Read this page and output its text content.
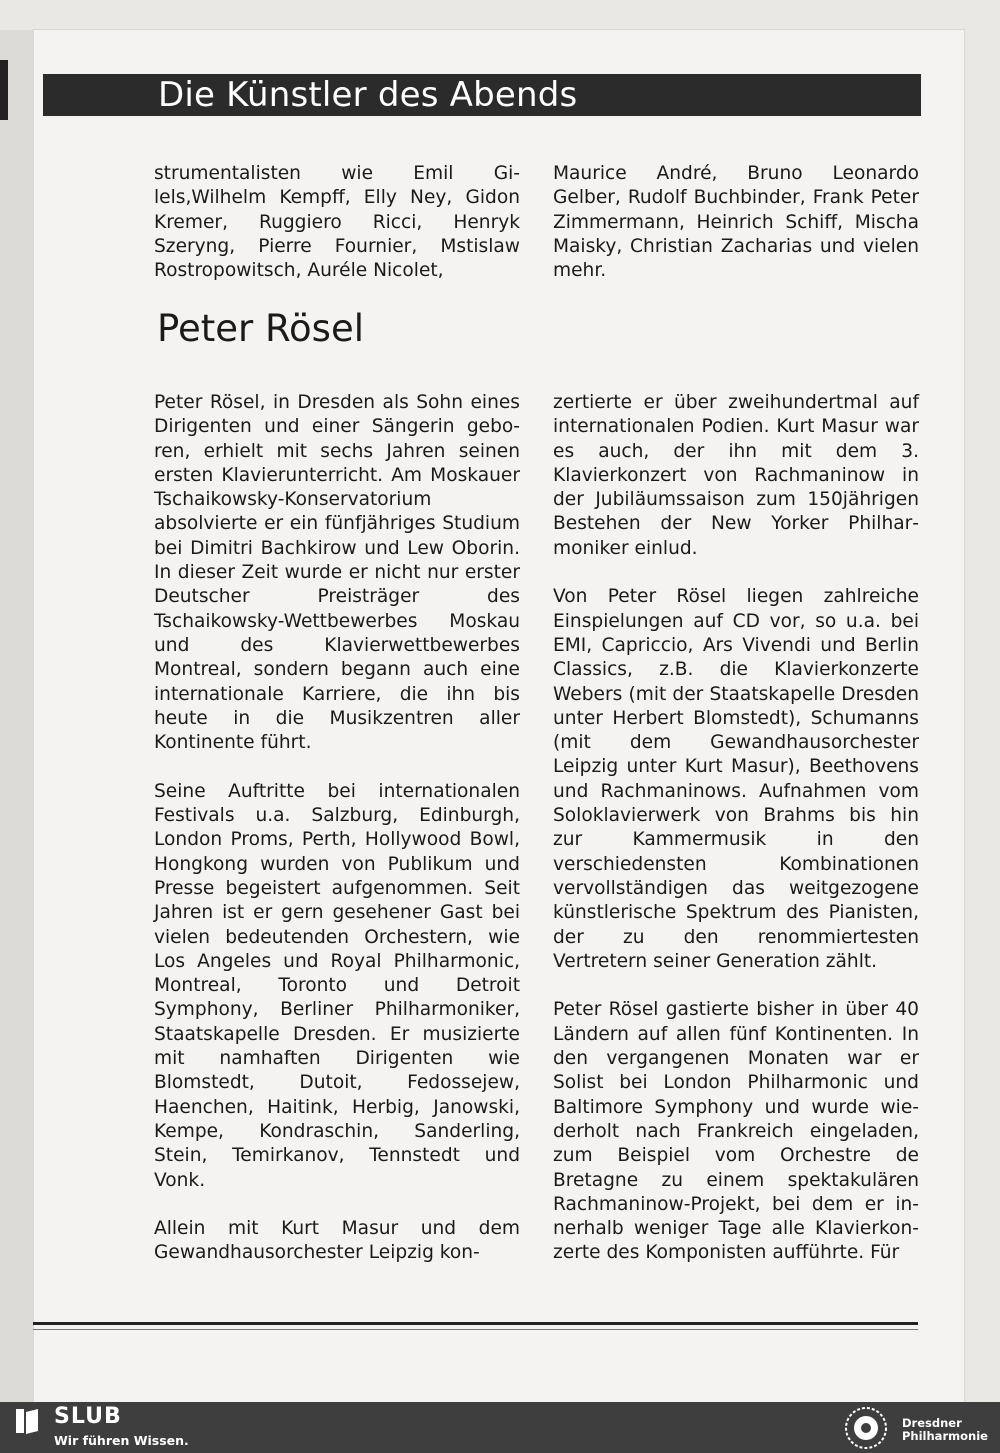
Die Künstler des Abends

strumentalisten wie Emil Gilels,Wilhelm Kempff, Elly Ney, Gidon Kremer, Ruggiero Ricci, Henryk Szeryng, Pierre Fournier, Mstislaw Rostropowitsch, Auréle Nicolet,

Maurice André, Bruno Leonardo Gelber, Rudolf Buchbinder, Frank Peter Zimmermann, Heinrich Schiff, Mischa Maisky, Christian Zacharias und vielen mehr.

Peter Rösel

Peter Rösel, in Dresden als Sohn eines Dirigenten und einer Sängerin geboren, erhielt mit sechs Jahren seinen ersten Klavierunterricht. Am Moskauer Tschaikowsky-Konservatorium absolvierte er ein fünfjähriges Studium bei Dimitri Bachkirow und Lew Oborin. In dieser Zeit wurde er nicht nur erster Deutscher Preisträger des Tschaikowsky-Wettbewerbes Moskau und des Klavierwettbewerbes Montreal, sondern begann auch eine internationale Karriere, die ihn bis heute in die Musikzentren aller Kontinente führt.

Seine Auftritte bei internationalen Festivals u.a. Salzburg, Edinburgh, London Proms, Perth, Hollywood Bowl, Hongkong wurden von Publikum und Presse begeistert aufgenommen. Seit Jahren ist er gern gesehener Gast bei vielen bedeutenden Orchestern, wie Los Angeles und Royal Philharmonic, Montreal, Toronto und Detroit Symphony, Berliner Philharmoniker, Staatskapelle Dresden. Er musizierte mit namhaften Dirigenten wie Blomstedt, Dutoit, Fedossejew, Haenchen, Haitink, Herbig, Janowski, Kempe, Kondraschin, Sanderling, Stein, Temirkanov, Tennstedt und Vonk.

Allein mit Kurt Masur und dem Gewandhausorchester Leipzig kon-

zertierte er über zweihundertmal auf internationalen Podien. Kurt Masur war es auch, der ihn mit dem 3. Klavierkonzert von Rachmaninow in der Jubiläumssaison zum 150jährigen Bestehen der New Yorker Philharmoniker einlud.

Von Peter Rösel liegen zahlreiche Einspielungen auf CD vor, so u.a. bei EMI, Capriccio, Ars Vivendi und Berlin Classics, z.B. die Klavierkonzerte Webers (mit der Staatskapelle Dresden unter Herbert Blomstedt), Schumanns (mit dem Gewandhausorchester Leipzig unter Kurt Masur), Beethovens und Rachmaninows. Aufnahmen vom Soloklavierwerk von Brahms bis hin zur Kammermusik in den verschiedensten Kombinationen vervollständigen das weitgezogene künstlerische Spektrum des Pianisten, der zu den renommiertesten Vertretern seiner Generation zählt.

Peter Rösel gastierte bisher in über 40 Ländern auf allen fünf Kontinenten. In den vergangenen Monaten war er Solist bei London Philharmonic und Baltimore Symphony und wurde wiederholt nach Frankreich eingeladen, zum Beispiel vom Orchestre de Bretagne zu einem spektakulären Rachmaninow-Projekt, bei dem er innerhalb weniger Tage alle Klavierkonzerte des Komponisten aufführte. Für

SLUB
Wir führen Wissen.
Dresdner
Philharmonie
